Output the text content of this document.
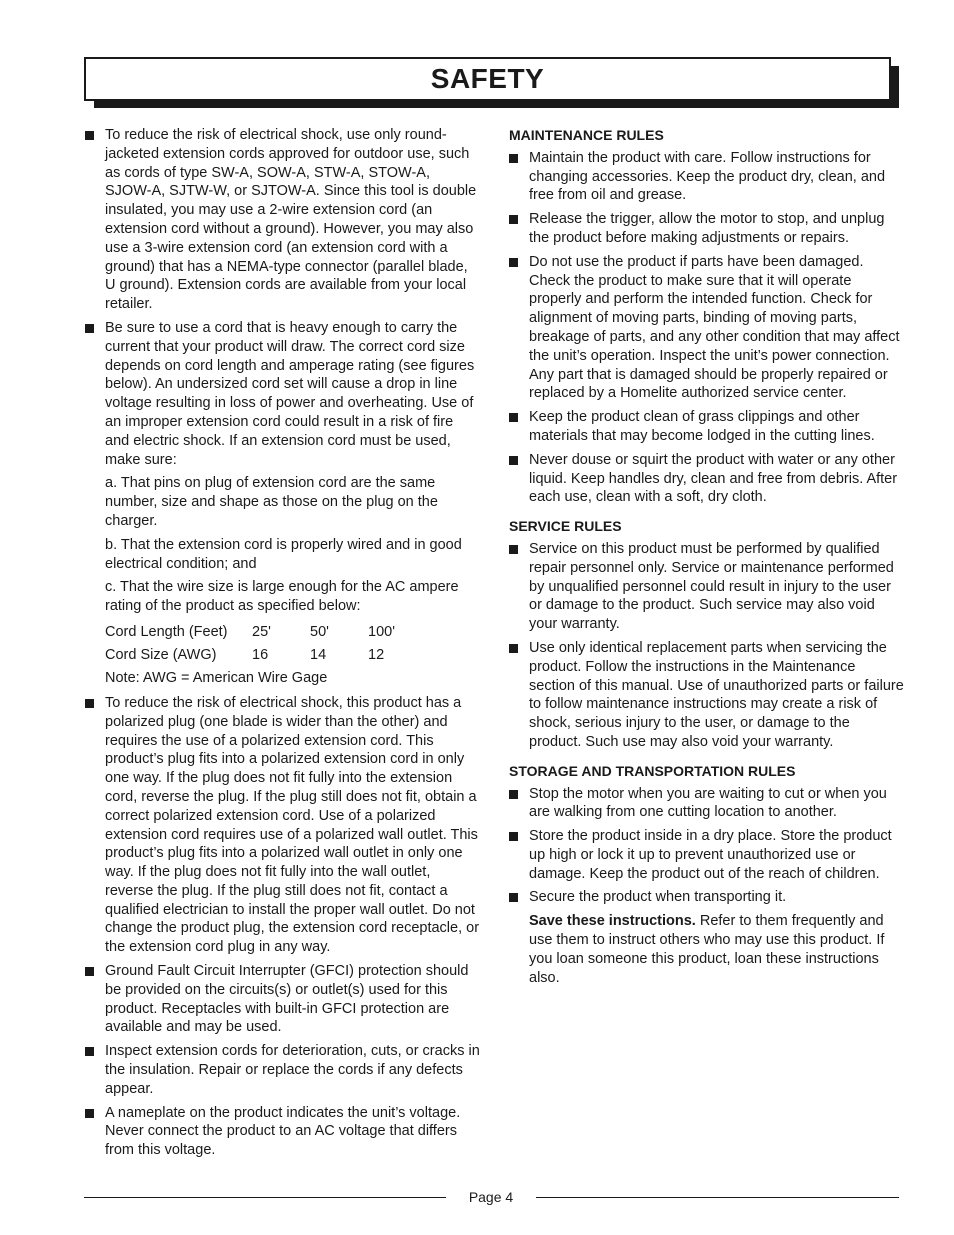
SAFETY
To reduce the risk of electrical shock, use only round-jacketed extension cords approved for outdoor use, such as cords of type SW-A, SOW-A, STW-A, STOW-A, SJOW-A, SJTW-W, or SJTOW-A. Since this tool is double insulated, you may use a 2-wire extension cord (an extension cord without a ground). However, you may also use a 3-wire extension cord (an extension cord with a ground) that has a NEMA-type connector (parallel blade, U ground). Extension cords are available from your local retailer.
Be sure to use a cord that is heavy enough to carry the current that your product will draw. The correct cord size depends on cord length and amperage rating (see figures below). An undersized cord set will cause a drop in line voltage resulting in loss of power and overheating. Use of an improper extension cord could result in a risk of fire and electric shock. If an extension cord must be used, make sure:
a. That pins on plug of extension cord are the same number, size and shape as those on the plug on the charger.
b. That the extension cord is properly wired and in good electrical condition; and
c. That the wire size is large enough for the AC ampere rating of the product as specified below:
Cord Length (Feet)	25'	50'	100'
Cord Size (AWG)	16	14	12
Note: AWG = American Wire Gage
To reduce the risk of electrical shock, this product has a polarized plug (one blade is wider than the other) and requires the use of a polarized extension cord. This product’s plug fits into a polarized extension cord in only one way. If the plug does not fit fully into the extension cord, reverse the plug. If the plug still does not fit, obtain a correct polarized extension cord. Use of a polarized extension cord requires use of a polarized wall outlet. This product’s plug fits into a polarized wall outlet in only one way. If the plug does not fit fully into the wall outlet, reverse the plug. If the plug still does not fit, contact a qualified electrician to install the proper wall outlet. Do not change the product plug, the extension cord receptacle, or the extension cord plug in any way.
Ground Fault Circuit Interrupter (GFCI) protection should be provided on the circuits(s) or outlet(s) used for this product. Receptacles with built-in GFCI protection are available and may be used.
Inspect extension cords for deterioration, cuts, or cracks in the insulation. Repair or replace the cords if any defects appear.
A nameplate on the product indicates the unit’s voltage. Never connect the product to an AC voltage that differs from this voltage.
MAINTENANCE RULES
Maintain the product with care. Follow instructions for changing accessories. Keep the product dry, clean, and free from oil and grease.
Release the trigger, allow the motor to stop, and unplug the product before making adjustments or repairs.
Do not use the product if parts have been damaged. Check the product to make sure that it will operate properly and perform the intended function. Check for alignment of moving parts, binding of moving parts, breakage of parts, and any other condition that may affect the unit’s operation. Inspect the unit’s power connection. Any part that is damaged should be properly repaired or replaced by a Homelite authorized service center.
Keep the product clean of grass clippings and other materials that may become lodged in the cutting lines.
Never douse or squirt the product with water or any other liquid. Keep handles dry, clean and free from debris. After each use, clean with a soft, dry cloth.
SERVICE RULES
Service on this product must be performed by qualified repair personnel only. Service or maintenance performed by unqualified personnel could result in injury to the user or damage to the product. Such service may also void your warranty.
Use only identical replacement parts when servicing the product. Follow the instructions in the Maintenance section of this manual. Use of unauthorized parts or failure to follow maintenance instructions may create a risk of shock, serious injury to the user, or damage to the product. Such use may also void your warranty.
STORAGE AND TRANSPORTATION RULES
Stop the motor when you are waiting to cut or when you are walking from one cutting location to another.
Store the product inside in a dry place. Store the product up high or lock it up to prevent unauthorized use or damage. Keep the product out of the reach of children.
Secure the product when transporting it.
Save these instructions. Refer to them frequently and use them to instruct others who may use this product. If you loan someone this product, loan these instructions also.
Page 4
